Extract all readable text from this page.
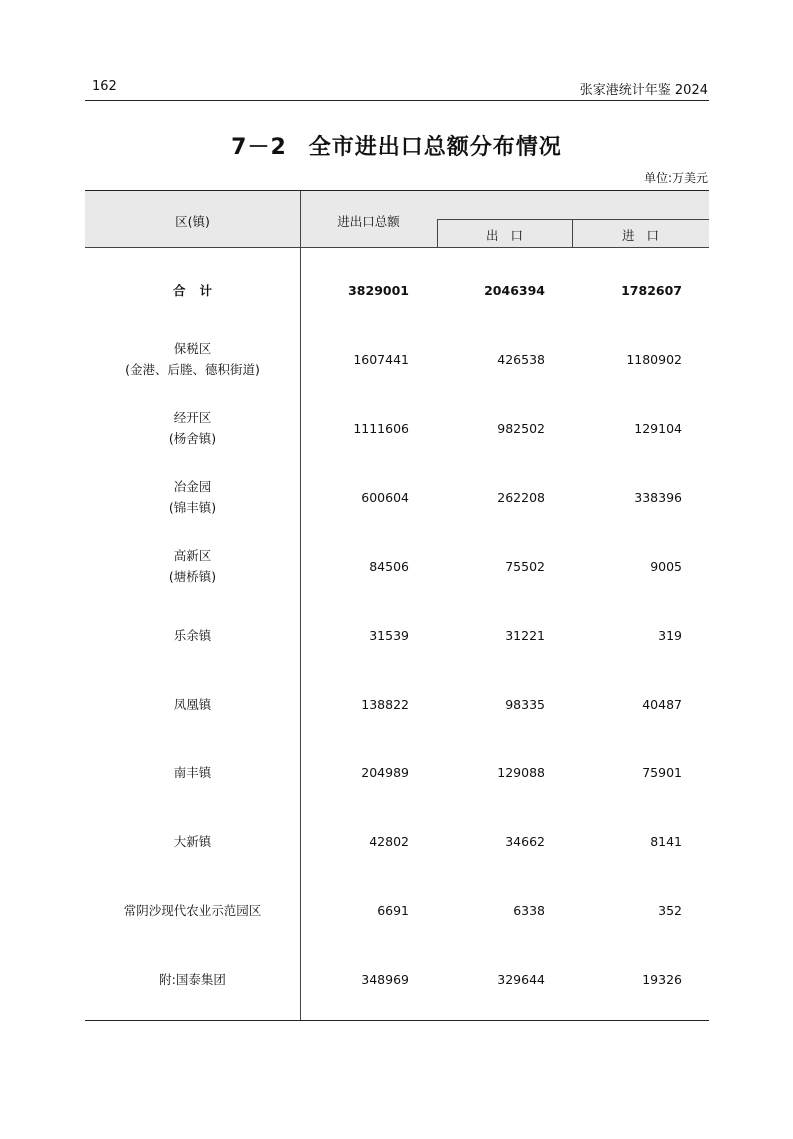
162	张家港统计年鉴 2024
7－2 全市进出口总额分布情况
单位:万美元
区(镇)	进出口总额
出口	进口
合计	3829001	2046394	1782607
保税区
(金港、后塍、德积街道)
1607441	426538	1180902
经开区
(杨舍镇)
1111606	982502	129104
冶金园
(锦丰镇)
600604	262208	338396
高新区
(塘桥镇)
84506	75502	9005
乐余镇	31539	31221	319
凤凰镇	138822	98335	40487
南丰镇	204989	129088	75901
大新镇	42802	34662	8141
常阴沙现代农业示范园区	6691	6338	352
附:国泰集团	348969	329644	19326
